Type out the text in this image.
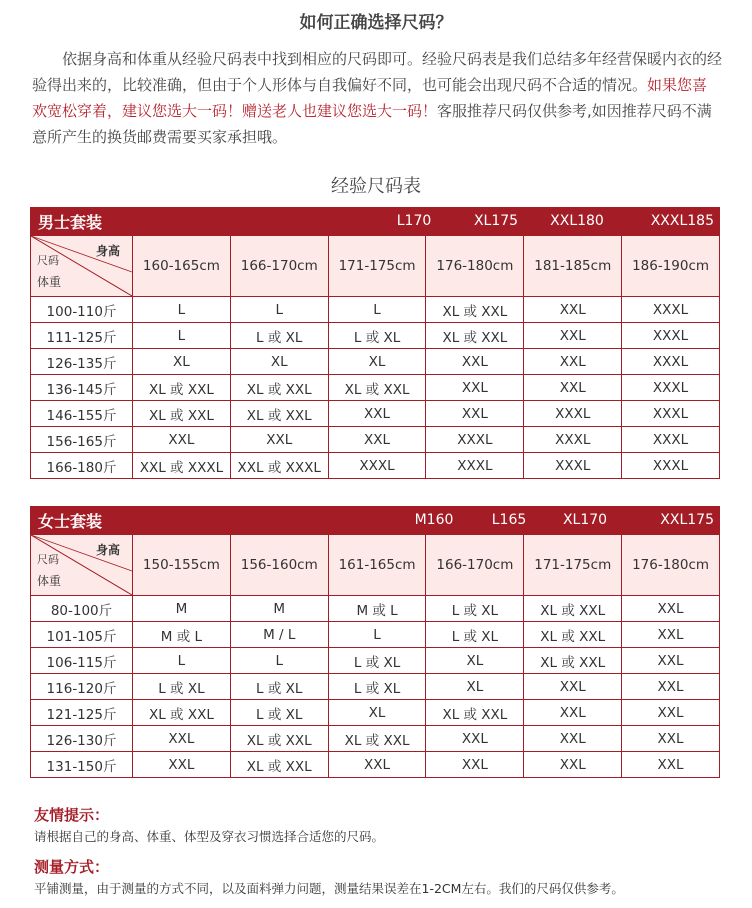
如何正确选择尺码？

依据身高和体重从经验尺码表中找到相应的尺码即可。经验尺码表是我们总结多年经营保暖内衣的经验得出来的，比较准确，但由于个人形体与自我偏好不同，也可能会出现尺码不合适的情况。如果您喜欢宽松穿着，建议您选大一码！赠送老人也建议您选大一码！客服推荐尺码仅供参考,如因推荐尺码不满意所产生的换货邮费需要买家承担哦。

经验尺码表
男士套装	L170	XL175	XXL180	XXXL185
身高
尺码
体重	160-165cm	166-170cm	171-175cm	176-180cm	181-185cm	186-190cm
100-110斤	L	L	L	XL 或 XXL	XXL	XXXL
111-125斤	L	L 或 XL	L 或 XL	XL 或 XXL	XXL	XXXL
126-135斤	XL	XL	XL	XXL	XXL	XXXL
136-145斤	XL 或 XXL	XL 或 XXL	XL 或 XXL	XXL	XXL	XXXL
146-155斤	XL 或 XXL	XL 或 XXL	XXL	XXL	XXXL	XXXL
156-165斤	XXL	XXL	XXL	XXXL	XXXL	XXXL
166-180斤	XXL 或 XXXL	XXL 或 XXXL	XXXL	XXXL	XXXL	XXXL
女士套装	M160	L165	XL170	XXL175
身高
尺码
体重	150-155cm	156-160cm	161-165cm	166-170cm	171-175cm	176-180cm
80-100斤	M	M	M 或 L	L 或 XL	XL 或 XXL	XXL
101-105斤	M 或 L	M / L	L	L 或 XL	XL 或 XXL	XXL
106-115斤	L	L	L 或 XL	XL	XL 或 XXL	XXL
116-120斤	L 或 XL	L 或 XL	L 或 XL	XL	XXL	XXL
121-125斤	XL 或 XXL	L 或 XL	XL	XL 或 XXL	XXL	XXL
126-130斤	XXL	XL 或 XXL	XL 或 XXL	XXL	XXL	XXL
131-150斤	XXL	XL 或 XXL	XXL	XXL	XXL	XXL
友情提示：
请根据自己的身高、体重、体型及穿衣习惯选择合适您的尺码。
测量方式：
平铺测量，由于测量的方式不同，以及面料弹力问题，测量结果误差在1-2CM左右。我们的尺码仅供参考。
